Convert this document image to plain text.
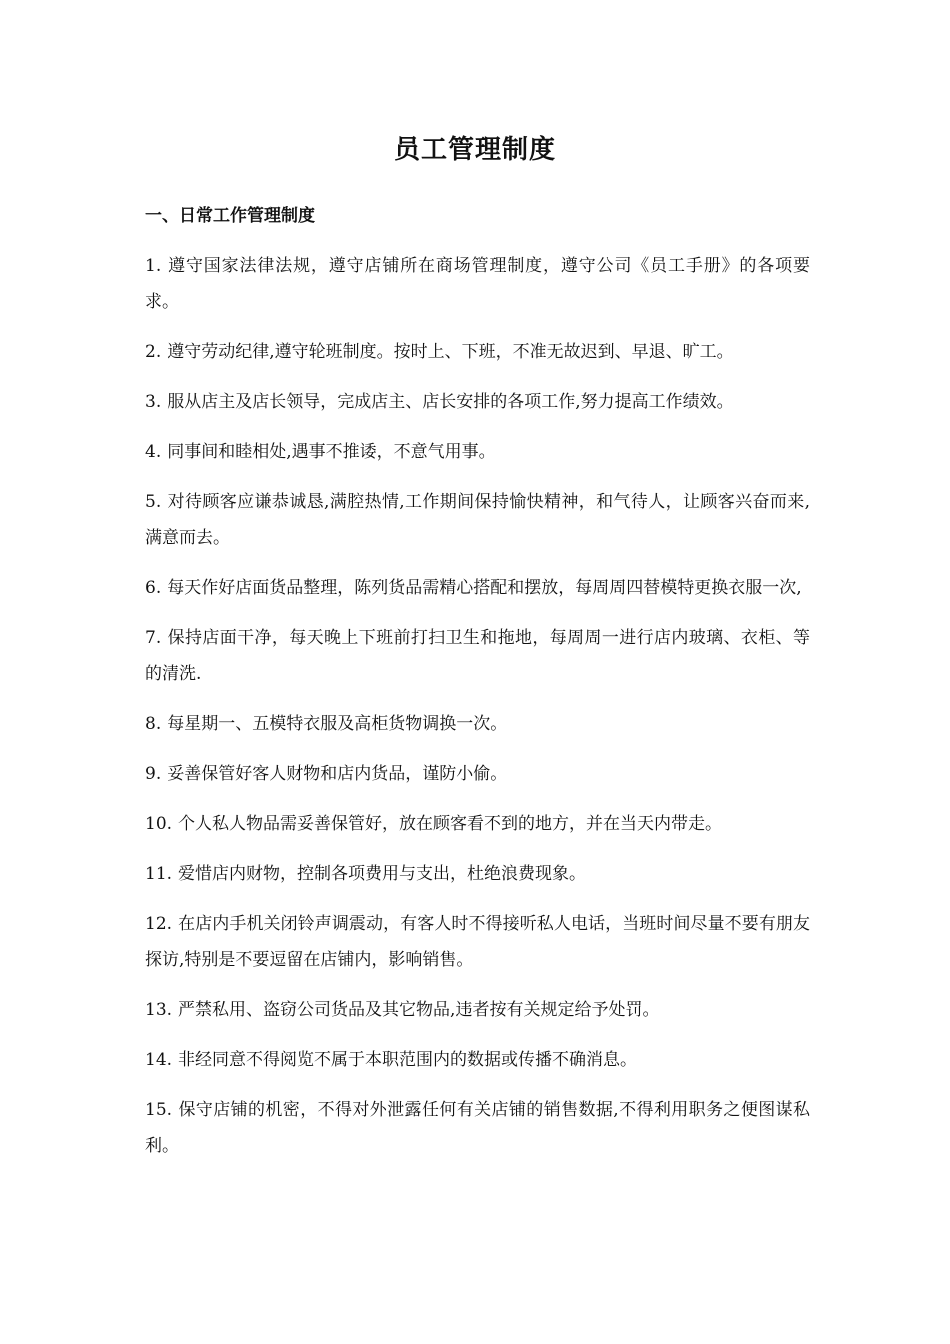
员工管理制度
一、日常工作管理制度
1. 遵守国家法律法规，遵守店铺所在商场管理制度，遵守公司《员工手册》的各项要求。
2. 遵守劳动纪律,遵守轮班制度。按时上、下班，不准无故迟到、早退、旷工。
3. 服从店主及店长领导，完成店主、店长安排的各项工作,努力提高工作绩效。
4. 同事间和睦相处,遇事不推诿，不意气用事。
5. 对待顾客应谦恭诚恳,满腔热情,工作期间保持愉快精神，和气待人，让顾客兴奋而来,满意而去。
6. 每天作好店面货品整理，陈列货品需精心搭配和摆放，每周周四替模特更换衣服一次,
7. 保持店面干净，每天晚上下班前打扫卫生和拖地，每周周一进行店内玻璃、衣柜、等的清洗.
8. 每星期一、五模特衣服及高柜货物调换一次。
9. 妥善保管好客人财物和店内货品，谨防小偷。
10. 个人私人物品需妥善保管好，放在顾客看不到的地方，并在当天内带走。
11. 爱惜店内财物，控制各项费用与支出，杜绝浪费现象。
12. 在店内手机关闭铃声调震动，有客人时不得接听私人电话，当班时间尽量不要有朋友探访,特别是不要逗留在店铺内，影响销售。
13. 严禁私用、盗窃公司货品及其它物品,违者按有关规定给予处罚。
14. 非经同意不得阅览不属于本职范围内的数据或传播不确消息。
15. 保守店铺的机密，不得对外泄露任何有关店铺的销售数据,不得利用职务之便图谋私利。
